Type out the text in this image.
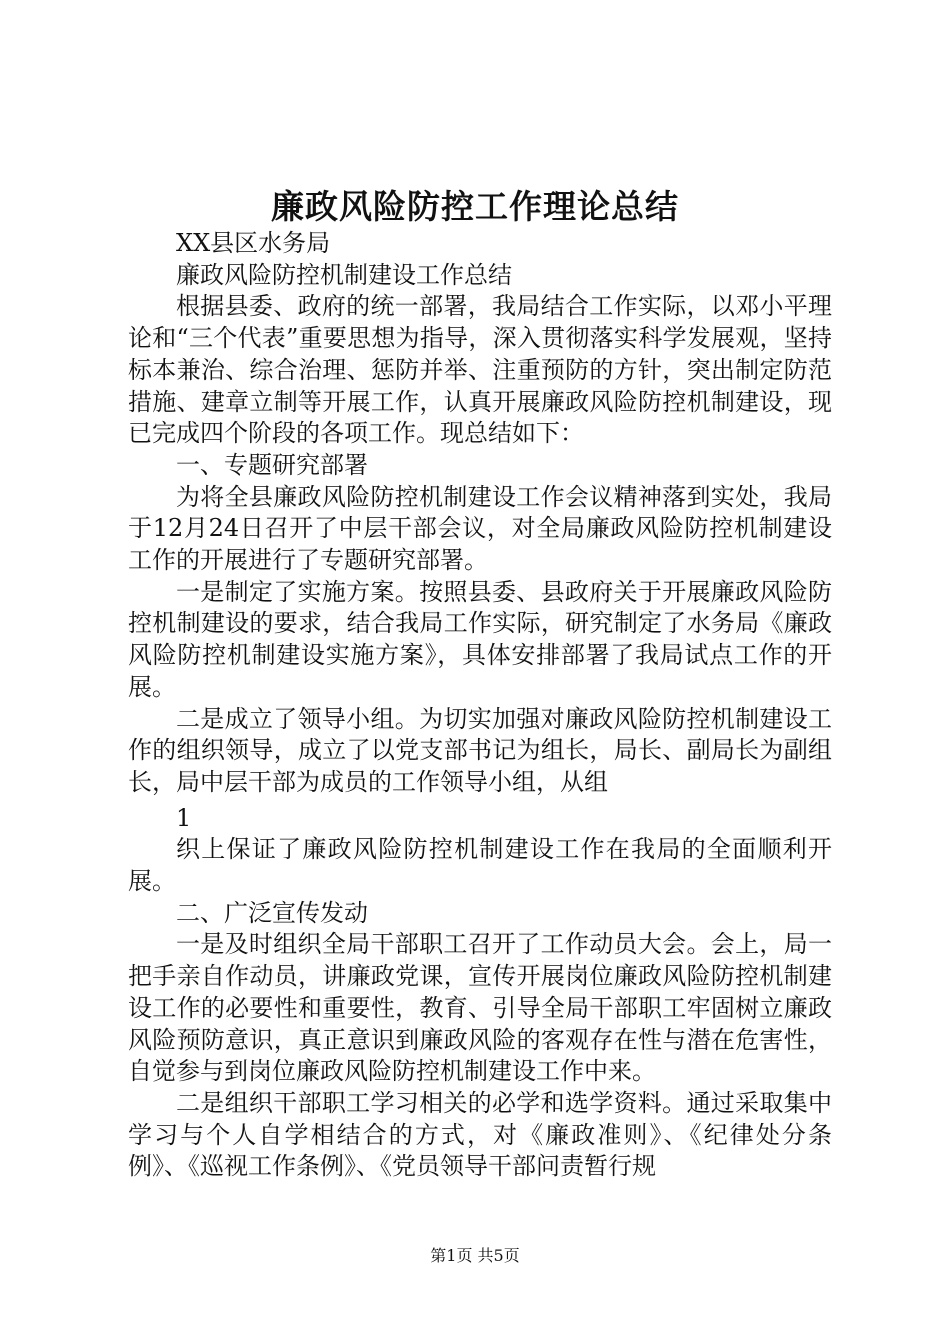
廉政风险防控工作理论总结

XX县区水务局

廉政风险防控机制建设工作总结

根据县委、政府的统一部署，我局结合工作实际，以邓小平理论和“三个代表”重要思想为指导，深入贯彻落实科学发展观，坚持标本兼治、综合治理、惩防并举、注重预防的方针，突出制定防范措施、建章立制等开展工作，认真开展廉政风险防控机制建设，现已完成四个阶段的各项工作。现总结如下：

一、专题研究部署

为将全县廉政风险防控机制建设工作会议精神落到实处，我局于12月24日召开了中层干部会议，对全局廉政风险防控机制建设工作的开展进行了专题研究部署。

一是制定了实施方案。按照县委、县政府关于开展廉政风险防控机制建设的要求，结合我局工作实际，研究制定了水务局《廉政风险防控机制建设实施方案》，具体安排部署了我局试点工作的开展。

二是成立了领导小组。为切实加强对廉政风险防控机制建设工作的组织领导，成立了以党支部书记为组长，局长、副局长为副组长，局中层干部为成员的工作领导小组，从组

1

织上保证了廉政风险防控机制建设工作在我局的全面顺利开展。

二、广泛宣传发动

一是及时组织全局干部职工召开了工作动员大会。会上，局一把手亲自作动员，讲廉政党课，宣传开展岗位廉政风险防控机制建设工作的必要性和重要性，教育、引导全局干部职工牢固树立廉政风险预防意识，真正意识到廉政风险的客观存在性与潜在危害性，自觉参与到岗位廉政风险防控机制建设工作中来。

二是组织干部职工学习相关的必学和选学资料。通过采取集中学习与个人自学相结合的方式，对《廉政准则》、《纪律处分条例》、《巡视工作条例》、《党员领导干部问责暂行规

第1页 共5页
